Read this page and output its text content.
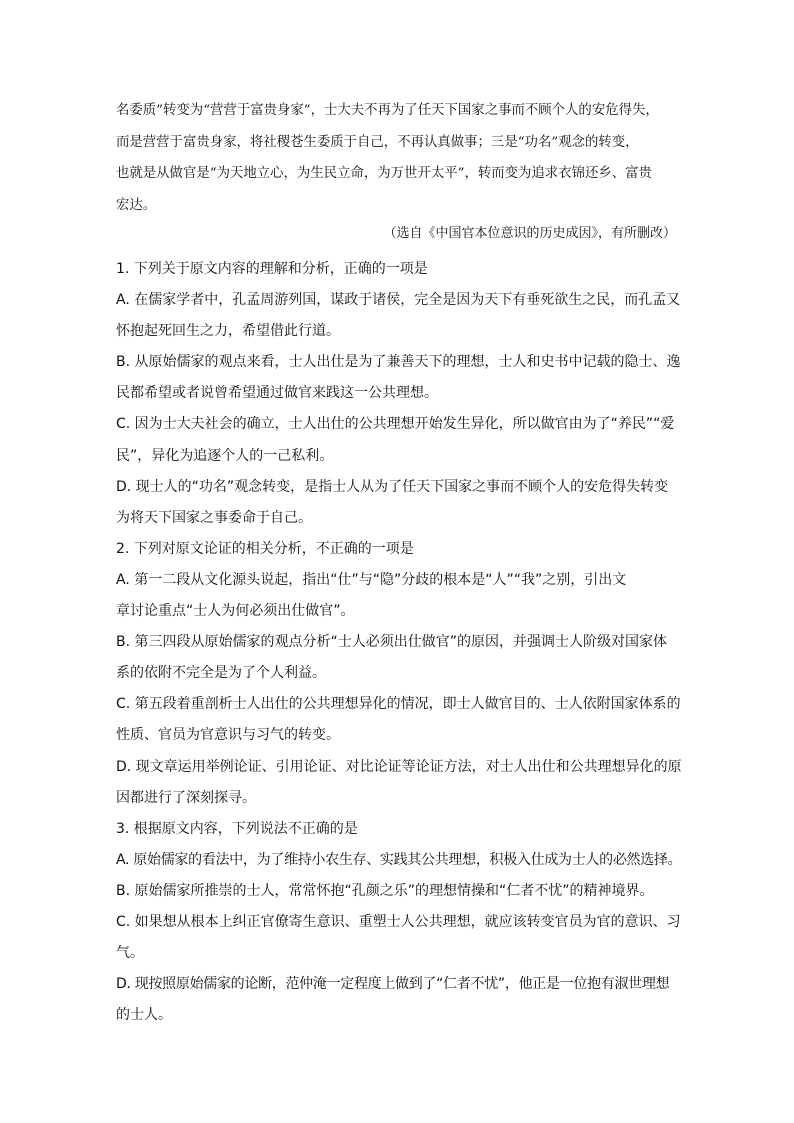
名委质”转变为“营营于富贵身家”，士大夫不再为了任天下国家之事而不顾个人的安危得失，
而是营营于富贵身家，将社稷苍生委质于自己，不再认真做事；三是“功名”观念的转变，
也就是从做官是“为天地立心，为生民立命，为万世开太平”，转而变为追求衣锦还乡、富贵
宏达。
（选自《中国官本位意识的历史成因》，有所删改）
1. 下列关于原文内容的理解和分析，正确的一项是
A. 在儒家学者中，孔孟周游列国，谋政于诸侯，完全是因为天下有垂死欲生之民，而孔孟又
怀抱起死回生之力，希望借此行道。
B. 从原始儒家的观点来看，士人出仕是为了兼善天下的理想，士人和史书中记载的隐士、逸
民都希望或者说曾希望通过做官来践这一公共理想。
C. 因为士大夫社会的确立，士人出仕的公共理想开始发生异化，所以做官由为了“养民”“爱
民”，异化为追逐个人的一己私利。
D. 现士人的“功名”观念转变，是指士人从为了任天下国家之事而不顾个人的安危得失转变
为将天下国家之事委命于自己。
2. 下列对原文论证的相关分析，不正确的一项是
A. 第一二段从文化源头说起，指出“仕”与“隐”分歧的根本是“人”“我”之别，引出文
章讨论重点“士人为何必须出仕做官”。
B. 第三四段从原始儒家的观点分析“士人必须出仕做官”的原因，并强调士人阶级对国家体
系的依附不完全是为了个人利益。
C. 第五段着重剖析士人出仕的公共理想异化的情况，即士人做官目的、士人依附国家体系的
性质、官员为官意识与习气的转变。
D. 现文章运用举例论证、引用论证、对比论证等论证方法，对士人出仕和公共理想异化的原
因都进行了深刻探寻。
3. 根据原文内容，下列说法不正确的是
A. 原始儒家的看法中，为了维持小农生存、实践其公共理想，积极入仕成为士人的必然选择。
B. 原始儒家所推崇的士人，常常怀抱“孔颜之乐”的理想情操和“仁者不忧”的精神境界。
C. 如果想从根本上纠正官僚寄生意识、重塑士人公共理想，就应该转变官员为官的意识、习
气。
D. 现按照原始儒家的论断，范仲淹一定程度上做到了“仁者不忧”，他正是一位抱有淑世理想
的士人。
